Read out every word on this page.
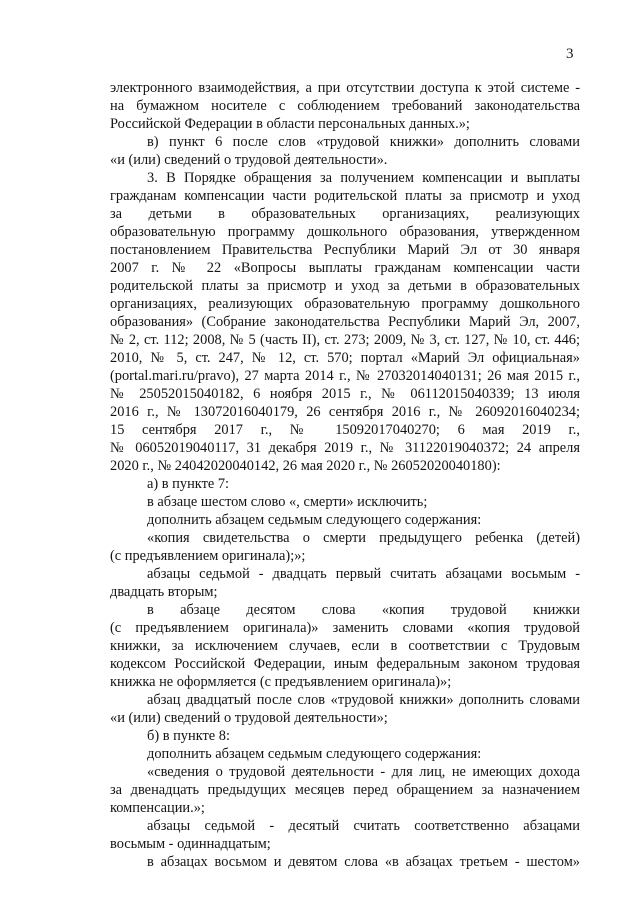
3

электронного взаимодействия, а при отсутствии доступа к этой системе -

на бумажном носителе с соблюдением требований законодательства

Российской Федерации в области персональных данных.»;

в) пункт 6 после слов «трудовой книжки» дополнить словами

«и (или) сведений о трудовой деятельности».

3. В Порядке обращения за получением компенсации и выплаты

гражданам компенсации части родительской платы за присмотр и уход

за детьми в образовательных организациях, реализующих

образовательную программу дошкольного образования, утвержденном

постановлением Правительства Республики Марий Эл от 30 января

2007 г. № 22 «Вопросы выплаты гражданам компенсации части

родительской платы за присмотр и уход за детьми в образовательных

организациях, реализующих образовательную программу дошкольного

образования» (Собрание законодательства Республики Марий Эл, 2007,

№ 2, ст. 112; 2008, № 5 (часть II), ст. 273; 2009, № 3, ст. 127, № 10, ст. 446;

2010, № 5, ст. 247, № 12, ст. 570; портал «Марий Эл официальная»

(portal.mari.ru/pravo), 27 марта 2014 г., № 27032014040131; 26 мая 2015 г.,

№ 25052015040182, 6 ноября 2015 г., № 06112015040339; 13 июля

2016 г., № 13072016040179, 26 сентября 2016 г., № 26092016040234;

15 сентября 2017 г., № 15092017040270; 6 мая 2019 г.,

№ 06052019040117, 31 декабря 2019 г., № 31122019040372; 24 апреля

2020 г., № 24042020040142, 26 мая 2020 г., № 26052020040180):

а) в пункте 7:

в абзаце шестом слово «, смерти» исключить;

дополнить абзацем седьмым следующего содержания:

«копия свидетельства о смерти предыдущего ребенка (детей)

(с предъявлением оригинала);»;

абзацы седьмой - двадцать первый считать абзацами восьмым -

двадцать вторым;

в абзаце десятом слова «копия трудовой книжки

(с предъявлением оригинала)» заменить словами «копия трудовой

книжки, за исключением случаев, если в соответствии с Трудовым

кодексом Российской Федерации, иным федеральным законом трудовая

книжка не оформляется (с предъявлением оригинала)»;

абзац двадцатый после слов «трудовой книжки» дополнить словами

«и (или) сведений о трудовой деятельности»;

б) в пункте 8:

дополнить абзацем седьмым следующего содержания:

«сведения о трудовой деятельности - для лиц, не имеющих дохода

за двенадцать предыдущих месяцев перед обращением за назначением

компенсации.»;

абзацы седьмой - десятый считать соответственно абзацами

восьмым - одиннадцатым;

в абзацах восьмом и девятом слова «в абзацах третьем - шестом»
